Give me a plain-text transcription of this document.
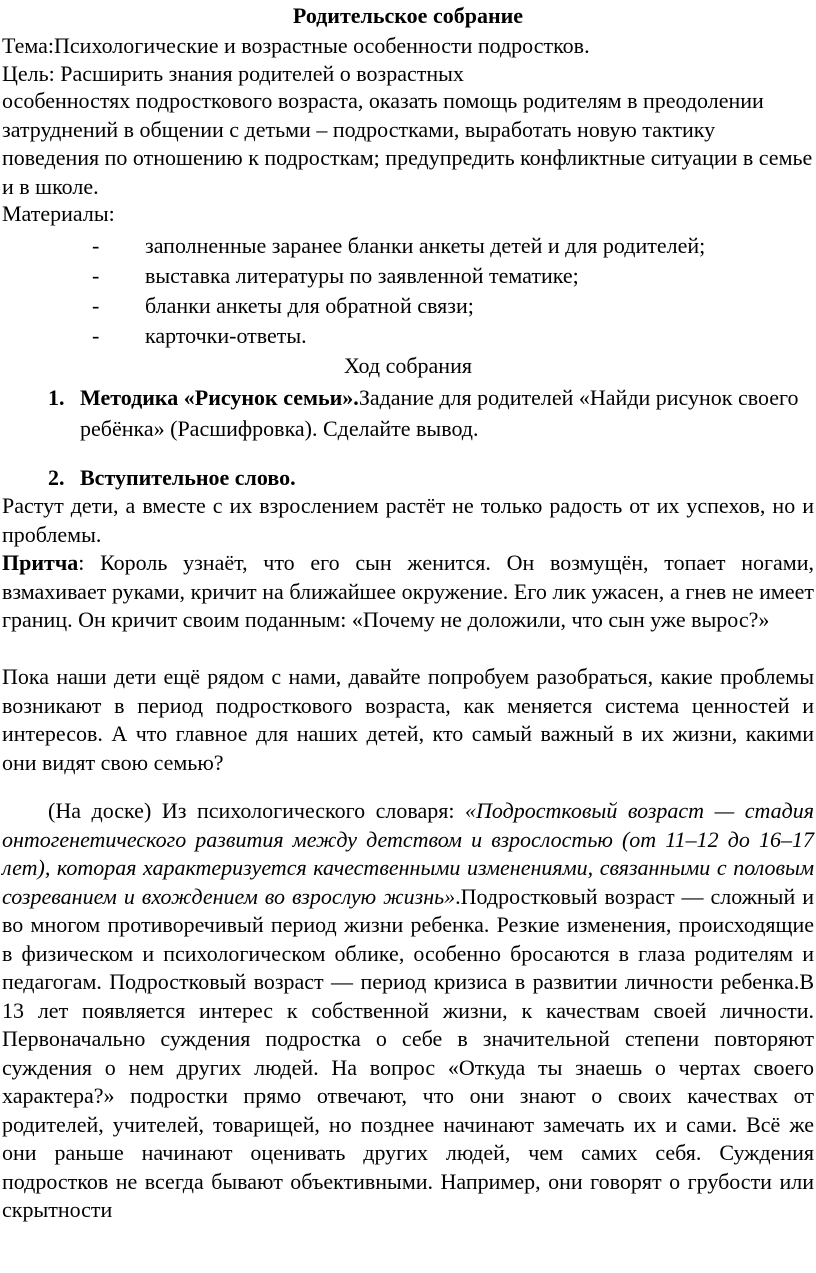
Родительское собрание
Тема:Психологические и возрастные особенности подростков.
Цель: Расширить знания родителей о возрастных
особенностях подросткового возраста, оказать помощь родителям в преодолении затруднений в общении с детьми – подростками, выработать новую тактику поведения по отношению к подросткам; предупредить конфликтные ситуации в семье и в школе.
Материалы:
- заполненные заранее бланки анкеты детей и для родителей;
- выставка литературы по заявленной тематике;
- бланки анкеты для обратной связи;
- карточки-ответы.
Ход собрания
1. Методика «Рисунок семьи».Задание для родителей «Найди рисунок своего ребёнка» (Расшифровка). Сделайте вывод.
2. Вступительное слово.
Растут дети, а вместе с их взрослением растёт не только радость от их успехов, но и проблемы.
Притча: Король узнаёт, что его сын женится. Он возмущён, топает ногами, взмахивает руками, кричит на ближайшее окружение. Его лик ужасен, а гнев не имеет границ. Он кричит своим поданным: «Почему не доложили, что сын уже вырос?»
Пока наши дети ещё рядом с нами, давайте попробуем разобраться, какие проблемы возникают в период подросткового возраста, как меняется система ценностей и интересов. А что главное для наших детей, кто самый важный в их жизни, какими они видят свою семью?
(На доске) Из психологического словаря: «Подростковый возраст — стадия онтогенетического развития между детством и взрослостью (от 11–12 до 16–17 лет), которая характеризуется качественными изменениями, связанными с половым созреванием и вхождением во взрослую жизнь».Подростковый возраст — сложный и во многом противоречивый период жизни ребенка. Резкие изменения, происходящие в физическом и психологическом облике, особенно бросаются в глаза родителям и педагогам. Подростковый возраст — период кризиса в развитии личности ребенка.В 13 лет появляется интерес к собственной жизни, к качествам своей личности. Первоначально суждения подростка о себе в значительной степени повторяют суждения о нем других людей. На вопрос «Откуда ты знаешь о чертах своего характера?» подростки прямо отвечают, что они знают о своих качествах от родителей, учителей, товарищей, но позднее начинают замечать их и сами. Всё же они раньше начинают оценивать других людей, чем самих себя. Суждения подростков не всегда бывают объективными. Например, они говорят о грубости или скрытности
